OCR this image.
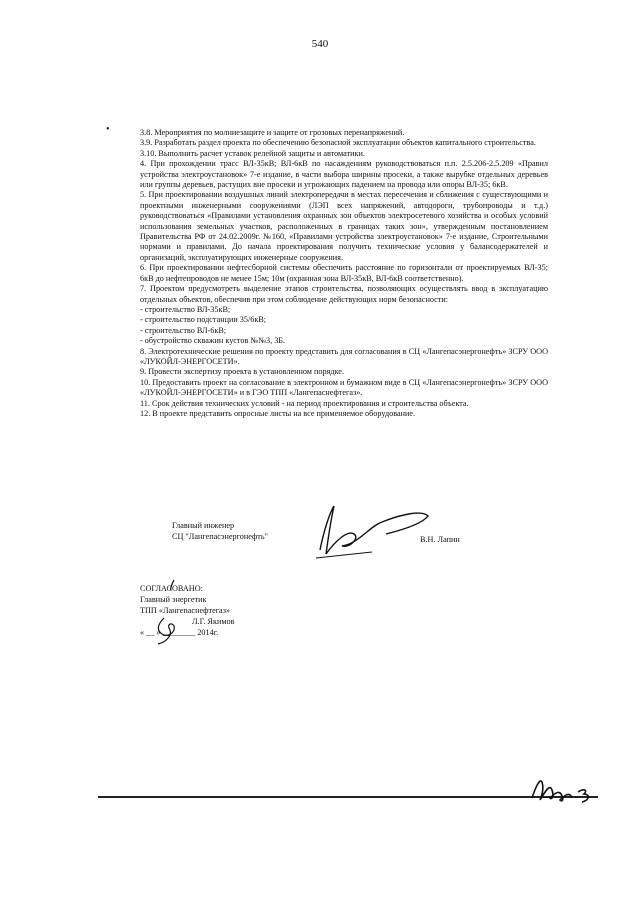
540
•	3.8. Мероприятия по молниезащите и защите от грозовых перенапряжений.

3.9. Разработать раздел проекта по обеспечению безопасной эксплуатации объектов капитального строительства.

3.10. Выполнить расчет уставок релейной защиты и автоматики.

4. При прохождении трасс ВЛ-35кВ; ВЛ-6кВ по насаждениям руководствоваться п.п. 2.5.206-2.5.209 «Правил устройства электроустановок» 7-е издание, в части выбора ширины просеки, а также вырубке отдельных деревьев или группы деревьев, растущих вне просеки и угрожающих падением на провода или опоры ВЛ-35; 6кВ.

5. При проектировании воздушных линий электропередачи в местах пересечения и сближения с существующими и проектными инженерными сооружениями (ЛЭП всех напряжений, автодороги, трубопроводы и т.д.) руководствоваться «Правилами установления охранных зон объектов электросетевого хозяйства и особых условий использования земельных участков, расположенных в границах таких зон», утвержденным постановлением Правительства РФ от 24.02.2009г. №160, «Правилами устройства электроустановок» 7-е издание, Строительными нормами и правилами. До начала проектирования получить технические условия у балансодержателей и организаций, эксплуатирующих инженерные сооружения.

6. При проектировании нефтесборной системы обеспечить расстояние по горизонтали от проектируемых ВЛ-35; 6кВ до нефтепроводов не менее 15м; 10м (охранная зона ВЛ-35кВ, ВЛ-6кВ соответственно).

7. Проектом предусмотреть выделение этапов строительства, позволяющих осуществлять ввод в эксплуатацию отдельных объектов, обеспечив при этом соблюдение действующих норм безопасности:

- строительство ВЛ-35кВ;

- строительство подстанции 35/6кВ;

- строительство ВЛ-6кВ;

- обустройство скважин кустов №№3, 3Б.

8. Электротехнические решения по проекту представить для согласования в СЦ «Лангепасэнергонефть» ЗСРУ ООО «ЛУКОЙЛ-ЭНЕРГОСЕТИ».

9. Провести экспертизу проекта в установленном порядке.

10. Предоставить проект на согласование в электронном и бумажном виде в СЦ «Лангепасэнергонефть» ЗСРУ ООО «ЛУКОЙЛ-ЭНЕРГОСЕТИ» и в ГЭО ТПП «Лангепаснефтегаз».

11. Срок действия технических условий - на период проектирования и строительства объекта.

12. В проекте представить опросные листы на все применяемое оборудование.

Главный инженер
СЦ "Лангепасэнергонефть"	В.Н. Лапин
СОГЛАСОВАНО:
Главный энергетик
ТПП «Лангепаснефтегаз»
Л.Г. Якимов
« __ » ________ 2014г.
